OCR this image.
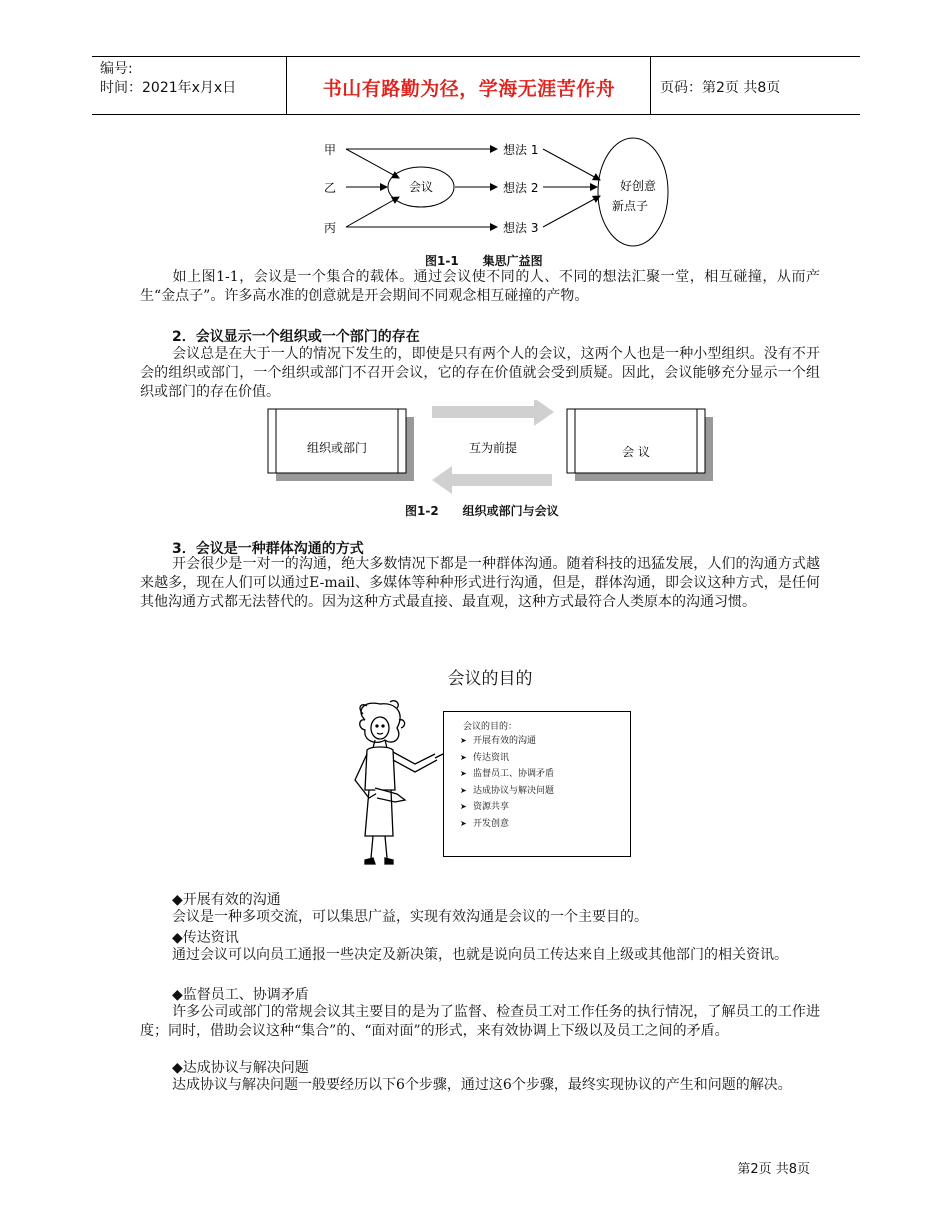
编号:
时间：2021年x月x日	书山有路勤为径，学海无涯苦作舟	页码：第2页 共8页
甲
乙
丙
会议
想法 1
想法 2
想法 3
好创意
新点子
图1-1　　集思广益图
如上图1-1，会议是一个集合的载体。通过会议使不同的人、不同的想法汇聚一堂，相互碰撞，从而产生“金点子”。许多高水准的创意就是开会期间不同观念相互碰撞的产物。
2．会议显示一个组织或一个部门的存在
会议总是在大于一人的情况下发生的，即使是只有两个人的会议，这两个人也是一种小型组织。没有不开会的组织或部门，一个组织或部门不召开会议，它的存在价值就会受到质疑。因此，会议能够充分显示一个组织或部门的存在价值。
组织或部门	互为前提	会 议
图1-2　　组织或部门与会议
3．会议是一种群体沟通的方式
开会很少是一对一的沟通，绝大多数情况下都是一种群体沟通。随着科技的迅猛发展，人们的沟通方式越来越多，现在人们可以通过E-mail、多媒体等种种形式进行沟通，但是，群体沟通，即会议这种方式，是任何其他沟通方式都无法替代的。因为这种方式最直接、最直观，这种方式最符合人类原本的沟通习惯。
会议的目的
会议的目的：
➤ 开展有效的沟通
➤ 传达资讯
➤ 监督员工、协调矛盾
➤ 达成协议与解决问题
➤ 资源共享
➤ 开发创意
◆开展有效的沟通
会议是一种多项交流，可以集思广益，实现有效沟通是会议的一个主要目的。
◆传达资讯
通过会议可以向员工通报一些决定及新决策，也就是说向员工传达来自上级或其他部门的相关资讯。
◆监督员工、协调矛盾
许多公司或部门的常规会议其主要目的是为了监督、检查员工对工作任务的执行情况，了解员工的工作进度；同时，借助会议这种“集合”的、“面对面”的形式，来有效协调上下级以及员工之间的矛盾。
◆达成协议与解决问题
达成协议与解决问题一般要经历以下6个步骤，通过这6个步骤，最终实现协议的产生和问题的解决。
第2页 共8页
